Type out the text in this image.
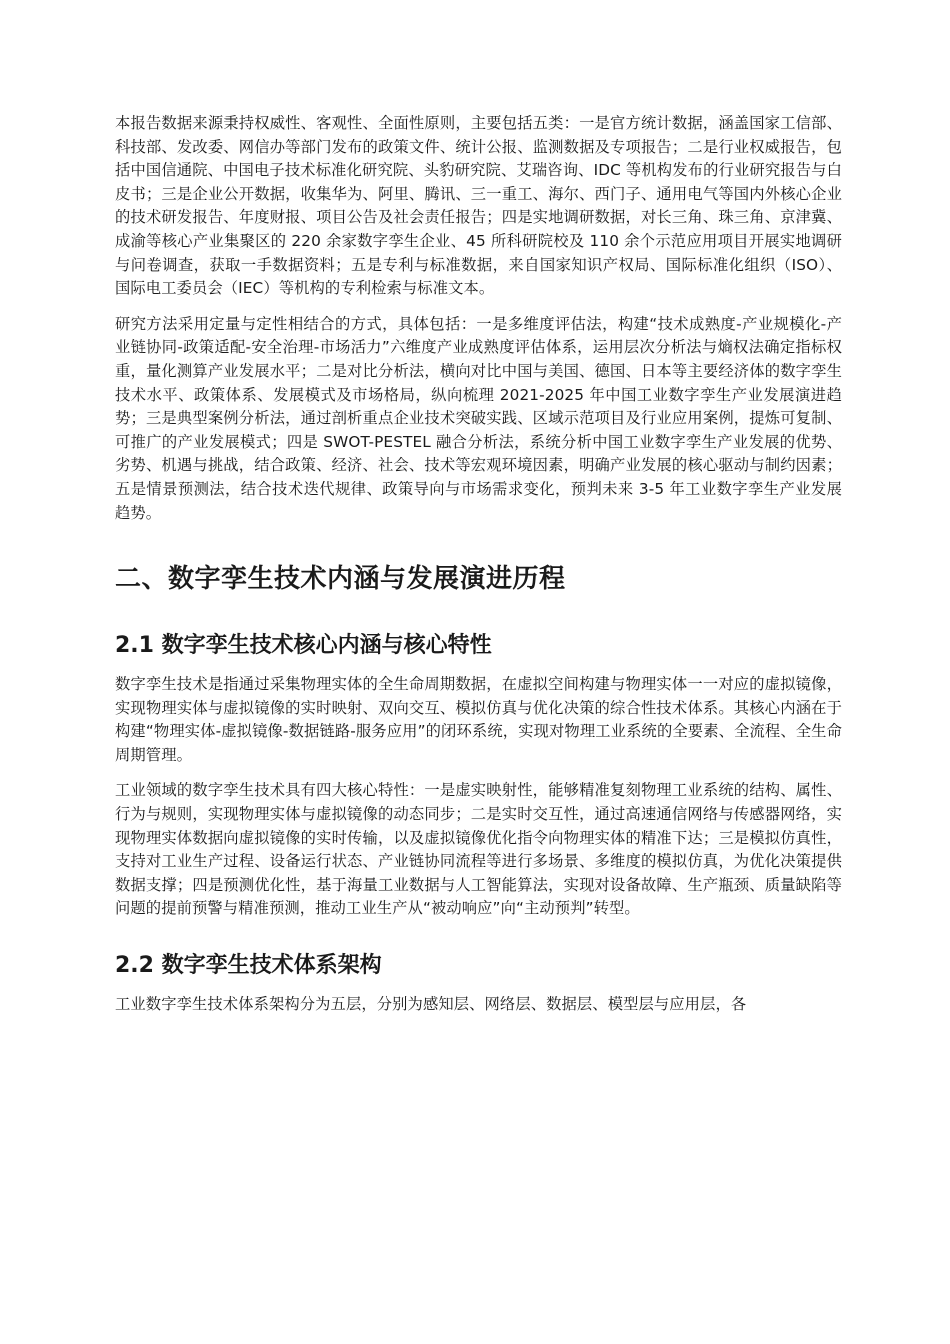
本报告数据来源秉持权威性、客观性、全面性原则，主要包括五类：一是官方统计数据，涵盖国家工信部、科技部、发改委、网信办等部门发布的政策文件、统计公报、监测数据及专项报告；二是行业权威报告，包括中国信通院、中国电子技术标准化研究院、头豹研究院、艾瑞咨询、IDC 等机构发布的行业研究报告与白皮书；三是企业公开数据，收集华为、阿里、腾讯、三一重工、海尔、西门子、通用电气等国内外核心企业的技术研发报告、年度财报、项目公告及社会责任报告；四是实地调研数据，对长三角、珠三角、京津冀、成渝等核心产业集聚区的 220 余家数字孪生企业、45 所科研院校及 110 余个示范应用项目开展实地调研与问卷调查，获取一手数据资料；五是专利与标准数据，来自国家知识产权局、国际标准化组织（ISO）、国际电工委员会（IEC）等机构的专利检索与标准文本。

研究方法采用定量与定性相结合的方式，具体包括：一是多维度评估法，构建“技术成熟度-产业规模化-产业链协同-政策适配-安全治理-市场活力”六维度产业成熟度评估体系，运用层次分析法与熵权法确定指标权重，量化测算产业发展水平；二是对比分析法，横向对比中国与美国、德国、日本等主要经济体的数字孪生技术水平、政策体系、发展模式及市场格局，纵向梳理 2021-2025 年中国工业数字孪生产业发展演进趋势；三是典型案例分析法，通过剖析重点企业技术突破实践、区域示范项目及行业应用案例，提炼可复制、可推广的产业发展模式；四是 SWOT-PESTEL 融合分析法，系统分析中国工业数字孪生产业发展的优势、劣势、机遇与挑战，结合政策、经济、社会、技术等宏观环境因素，明确产业发展的核心驱动与制约因素；五是情景预测法，结合技术迭代规律、政策导向与市场需求变化，预判未来 3-5 年工业数字孪生产业发展趋势。

二、数字孪生技术内涵与发展演进历程
2.1 数字孪生技术核心内涵与核心特性

数字孪生技术是指通过采集物理实体的全生命周期数据，在虚拟空间构建与物理实体一一对应的虚拟镜像，实现物理实体与虚拟镜像的实时映射、双向交互、模拟仿真与优化决策的综合性技术体系。其核心内涵在于构建“物理实体-虚拟镜像-数据链路-服务应用”的闭环系统，实现对物理工业系统的全要素、全流程、全生命周期管理。

工业领域的数字孪生技术具有四大核心特性：一是虚实映射性，能够精准复刻物理工业系统的结构、属性、行为与规则，实现物理实体与虚拟镜像的动态同步；二是实时交互性，通过高速通信网络与传感器网络，实现物理实体数据向虚拟镜像的实时传输，以及虚拟镜像优化指令向物理实体的精准下达；三是模拟仿真性，支持对工业生产过程、设备运行状态、产业链协同流程等进行多场景、多维度的模拟仿真，为优化决策提供数据支撑；四是预测优化性，基于海量工业数据与人工智能算法，实现对设备故障、生产瓶颈、质量缺陷等问题的提前预警与精准预测，推动工业生产从“被动响应”向“主动预判”转型。

2.2 数字孪生技术体系架构

工业数字孪生技术体系架构分为五层，分别为感知层、网络层、数据层、模型层与应用层，各
